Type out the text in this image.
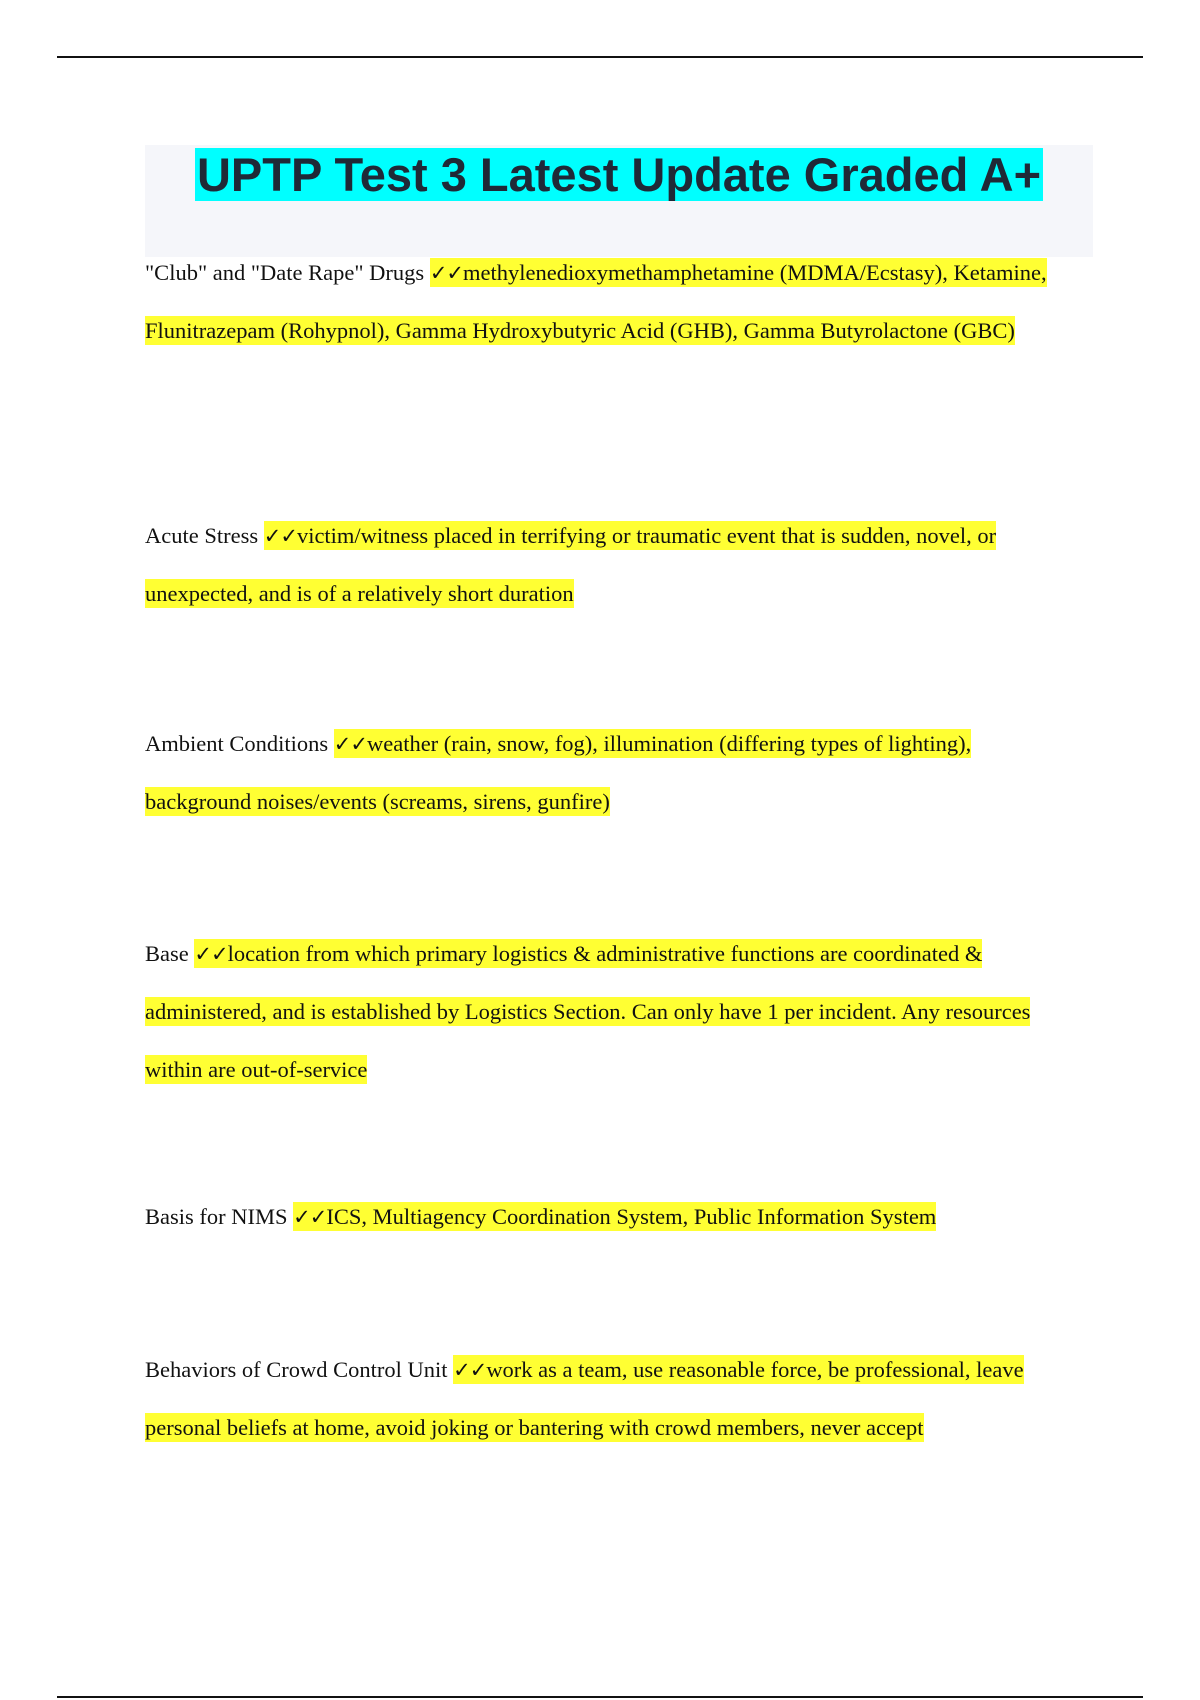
UPTP Test 3 Latest Update Graded A+

"Club" and "Date Rape" Drugs ✓✓methylenedioxymethamphetamine (MDMA/Ecstasy), Ketamine, Flunitrazepam (Rohypnol), Gamma Hydroxybutyric Acid (GHB), Gamma Butyrolactone (GBC)

Acute Stress ✓✓victim/witness placed in terrifying or traumatic event that is sudden, novel, or unexpected, and is of a relatively short duration

Ambient Conditions ✓✓weather (rain, snow, fog), illumination (differing types of lighting), background noises/events (screams, sirens, gunfire)

Base ✓✓location from which primary logistics & administrative functions are coordinated & administered, and is established by Logistics Section. Can only have 1 per incident. Any resources within are out-of-service

Basis for NIMS ✓✓ICS, Multiagency Coordination System, Public Information System

Behaviors of Crowd Control Unit ✓✓work as a team, use reasonable force, be professional, leave personal beliefs at home, avoid joking or bantering with crowd members, never accept
